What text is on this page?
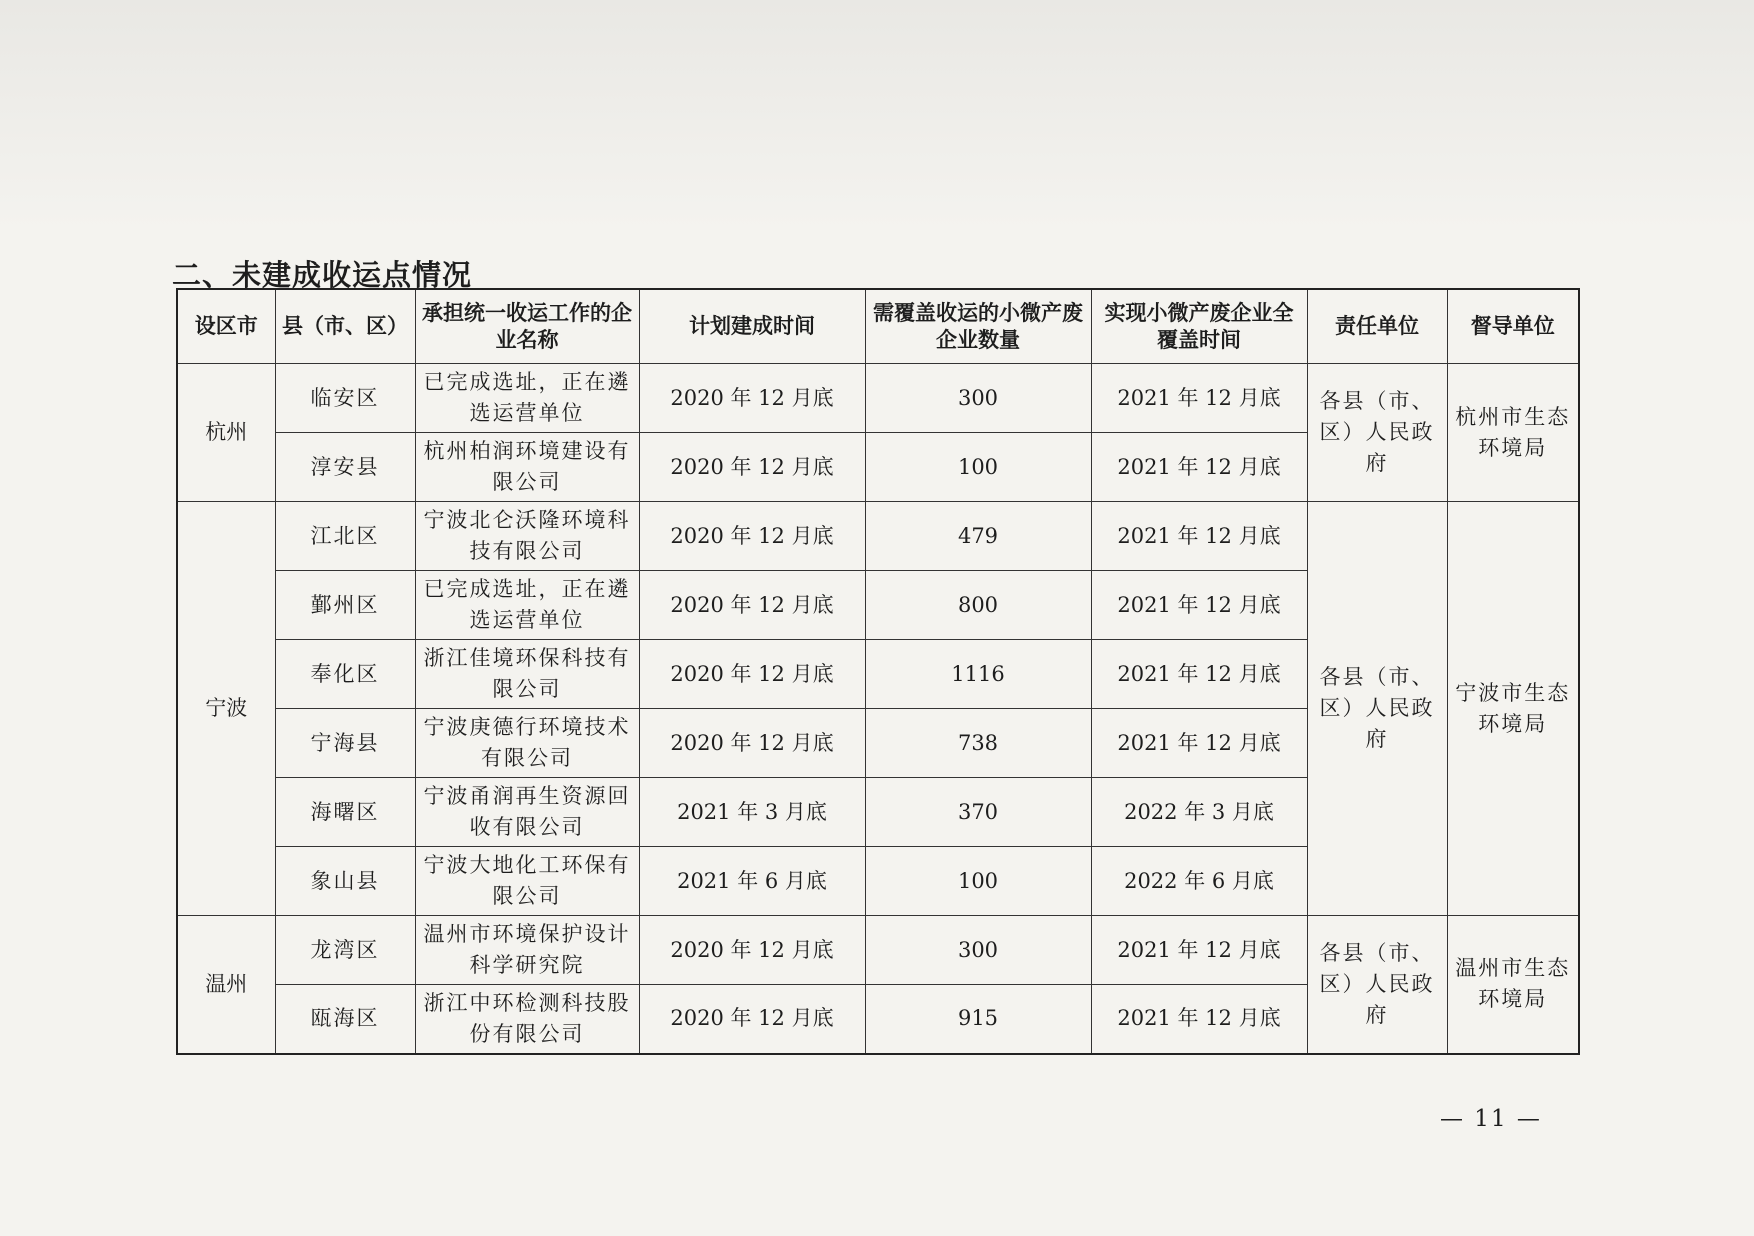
二、未建成收运点情况
设区市	县（市、区）	承担统一收运工作的企业名称	计划建成时间	需覆盖收运的小微产废企业数量	实现小微产废企业全覆盖时间	责任单位	督导单位
杭州	临安区	已完成选址，正在遴选运营单位	2020 年 12 月底	300	2021 年 12 月底	各县（市、区）人民政府	杭州市生态环境局
	淳安县	杭州柏润环境建设有限公司	2020 年 12 月底	100	2021 年 12 月底		
宁波	江北区	宁波北仑沃隆环境科技有限公司	2020 年 12 月底	479	2021 年 12 月底	各县（市、区）人民政府	宁波市生态环境局
	鄞州区	已完成选址，正在遴选运营单位	2020 年 12 月底	800	2021 年 12 月底		
	奉化区	浙江佳境环保科技有限公司	2020 年 12 月底	1116	2021 年 12 月底		
	宁海县	宁波庚德行环境技术有限公司	2020 年 12 月底	738	2021 年 12 月底		
	海曙区	宁波甬润再生资源回收有限公司	2021 年 3 月底	370	2022 年 3 月底		
	象山县	宁波大地化工环保有限公司	2021 年 6 月底	100	2022 年 6 月底		
温州	龙湾区	温州市环境保护设计科学研究院	2020 年 12 月底	300	2021 年 12 月底	各县（市、区）人民政府	温州市生态环境局
	瓯海区	浙江中环检测科技股份有限公司	2020 年 12 月底	915	2021 年 12 月底		
— 11 —
